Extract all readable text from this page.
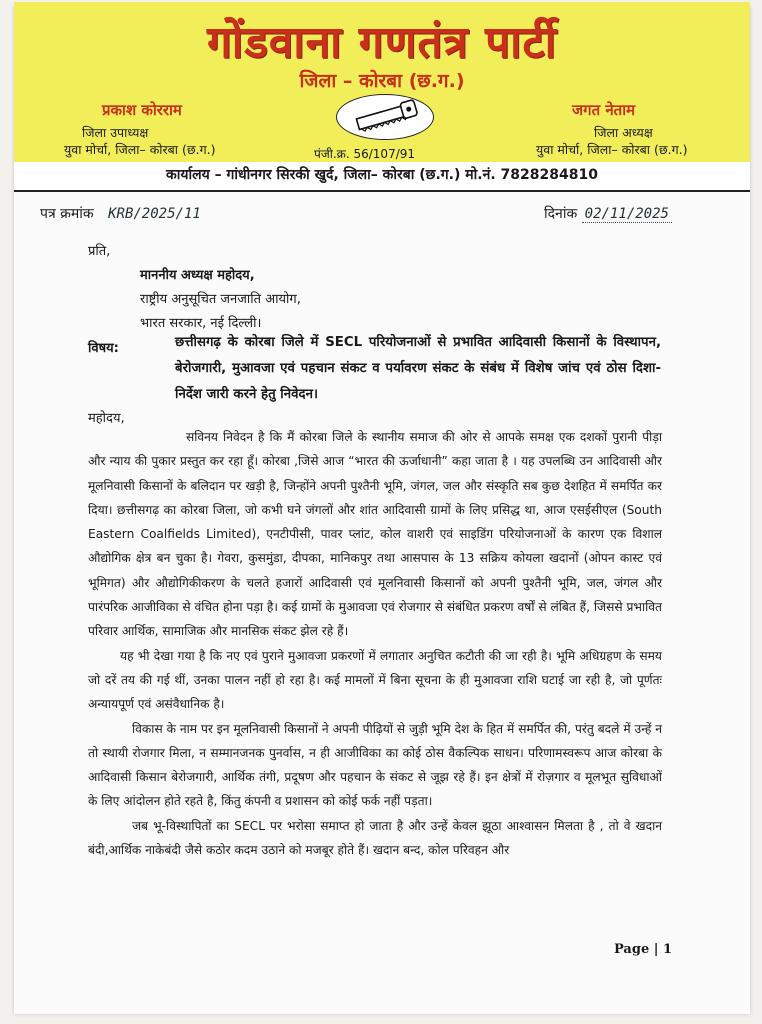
गोंडवाना गणतंत्र पार्टी
जिला – कोरबा (छ.ग.)
प्रकाश कोरराम
जिला उपाध्यक्ष
युवा मोर्चा, जिला– कोरबा (छ.ग.)
जगत नेताम
जिला अध्यक्ष
युवा मोर्चा, जिला– कोरबा (छ.ग.)
पंजी.क्र. 56/107/91
कार्यालय – गांधीनगर सिरकी खुर्द, जिला– कोरबा (छ.ग.) मो.नं. 7828284810
पत्र क्रमांक KRB/2025/11	दिनांक 02/11/2025
प्रति,
माननीय अध्यक्ष महोदय,
राष्ट्रीय अनुसूचित जनजाति आयोग,
भारत सरकार, नई दिल्ली।
विषय:	छत्तीसगढ़ के कोरबा जिले में SECL परियोजनाओं से प्रभावित आदिवासी किसानों के विस्थापन, बेरोजगारी, मुआवजा एवं पहचान संकट व पर्यावरण संकट के संबंध में विशेष जांच एवं ठोस दिशा-निर्देश जारी करने हेतु निवेदन।
महोदय,

सविनय निवेदन है कि मैं कोरबा जिले के स्थानीय समाज की ओर से आपके समक्ष एक दशकों पुरानी पीड़ा और न्याय की पुकार प्रस्तुत कर रहा हूँ। कोरबा ,जिसे आज “भारत की ऊर्जाधानी” कहा जाता है । यह उपलब्धि उन आदिवासी और मूलनिवासी किसानों के बलिदान पर खड़ी है, जिन्होंने अपनी पुश्तैनी भूमि, जंगल, जल और संस्कृति सब कुछ देशहित में समर्पित कर दिया। छत्तीसगढ़ का कोरबा जिला, जो कभी घने जंगलों और शांत आदिवासी ग्रामों के लिए प्रसिद्ध था, आज एसईसीएल (South Eastern Coalfields Limited), एनटीपीसी, पावर प्लांट, कोल वाशरी एवं साइडिंग परियोजनाओं के कारण एक विशाल औद्योगिक क्षेत्र बन चुका है। गेवरा, कुसमुंडा, दीपका, मानिकपुर तथा आसपास के 13 सक्रिय कोयला खदानों (ओपन कास्ट एवं भूमिगत) और औद्योगिकीकरण के चलते हजारों आदिवासी एवं मूलनिवासी किसानों को अपनी पुश्तैनी भूमि, जल, जंगल और पारंपरिक आजीविका से वंचित होना पड़ा है। कई ग्रामों के मुआवजा एवं रोजगार से संबंधित प्रकरण वर्षों से लंबित हैं, जिससे प्रभावित परिवार आर्थिक, सामाजिक और मानसिक संकट झेल रहे हैं।

यह भी देखा गया है कि नए एवं पुराने मुआवजा प्रकरणों में लगातार अनुचित कटौती की जा रही है। भूमि अधिग्रहण के समय जो दरें तय की गई थीं, उनका पालन नहीं हो रहा है। कई मामलों में बिना सूचना के ही मुआवजा राशि घटाई जा रही है, जो पूर्णतः अन्यायपूर्ण एवं असंवैधानिक है।

विकास के नाम पर इन मूलनिवासी किसानों ने अपनी पीढ़ियों से जुड़ी भूमि देश के हित में समर्पित की, परंतु बदले में उन्हें न तो स्थायी रोजगार मिला, न सम्मानजनक पुनर्वास, न ही आजीविका का कोई ठोस वैकल्पिक साधन। परिणामस्वरूप आज कोरबा के आदिवासी किसान बेरोजगारी, आर्थिक तंगी, प्रदूषण और पहचान के संकट से जूझ रहे हैं। इन क्षेत्रों में रोज़गार व मूलभूत सुविधाओं के लिए आंदोलन होते रहते है, किंतु कंपनी व प्रशासन को कोई फर्क नहीं पड़ता।

जब भू-विस्थापितों का SECL पर भरोसा समाप्त हो जाता है और उन्हें केवल झूठा आश्वासन मिलता है , तो वे खदान बंदी,आर्थिक नाकेबंदी जैसे कठोर कदम उठाने को मजबूर होते हैं। खदान बन्द, कोल परिवहन और

Page | 1
